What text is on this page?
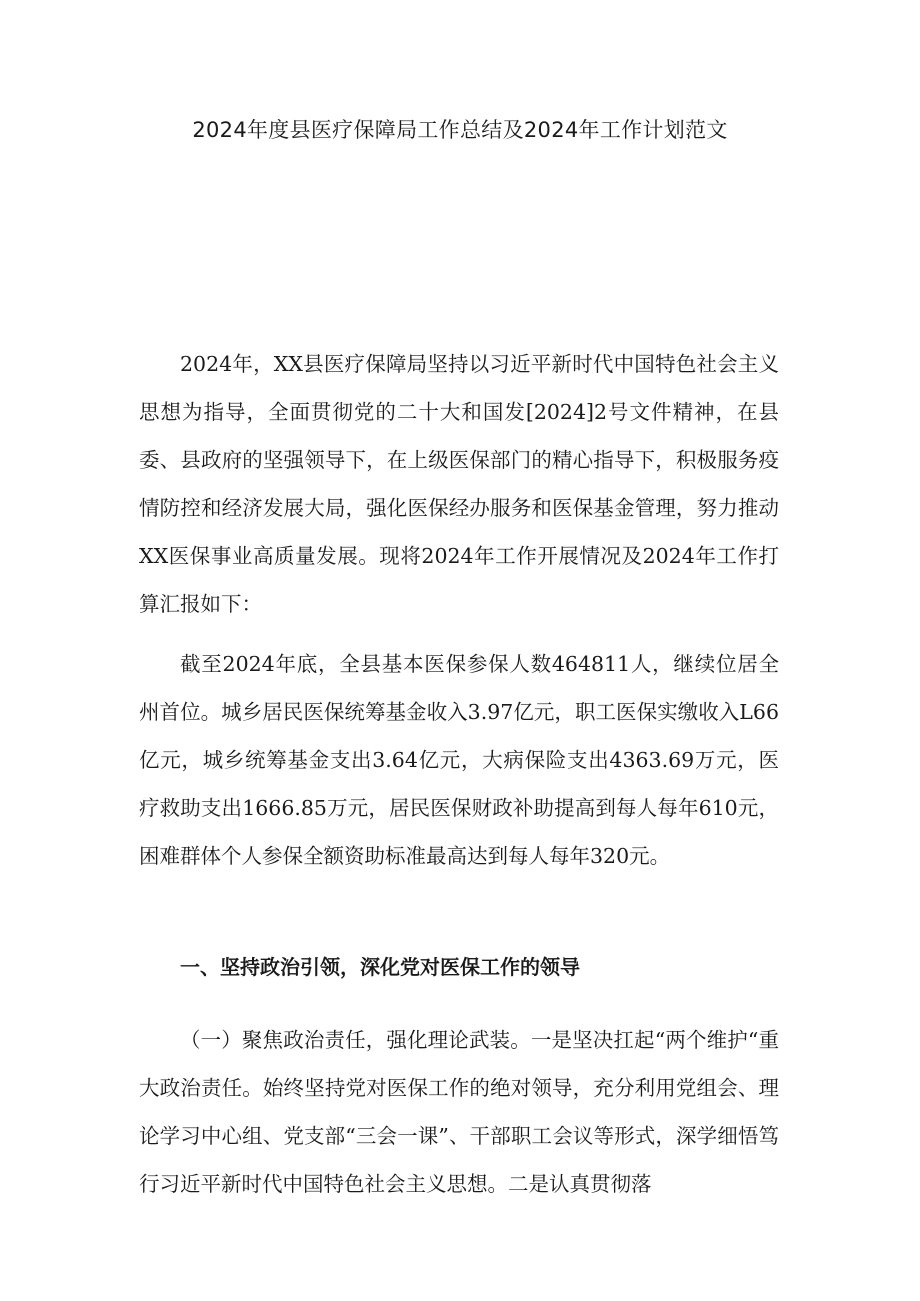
2024年度县医疗保障局工作总结及2024年工作计划范文

2024年，XX县医疗保障局坚持以习近平新时代中国特色社会主义思想为指导，全面贯彻党的二十大和国发[2024]2号文件精神，在县委、县政府的坚强领导下，在上级医保部门的精心指导下，积极服务疫情防控和经济发展大局，强化医保经办服务和医保基金管理，努力推动XX医保事业高质量发展。现将2024年工作开展情况及2024年工作打算汇报如下：

截至2024年底，全县基本医保参保人数464811人，继续位居全州首位。城乡居民医保统筹基金收入3.97亿元，职工医保实缴收入L66亿元，城乡统筹基金支出3.64亿元，大病保险支出4363.69万元，医疗救助支出1666.85万元，居民医保财政补助提高到每人每年610元，困难群体个人参保全额资助标准最高达到每人每年320元。

一、坚持政治引领，深化党对医保工作的领导

（一）聚焦政治责任，强化理论武装。一是坚决扛起“两个维护“重大政治责任。始终坚持党对医保工作的绝对领导，充分利用党组会、理论学习中心组、党支部“三会一课”、干部职工会议等形式，深学细悟笃行习近平新时代中国特色社会主义思想。二是认真贯彻落
